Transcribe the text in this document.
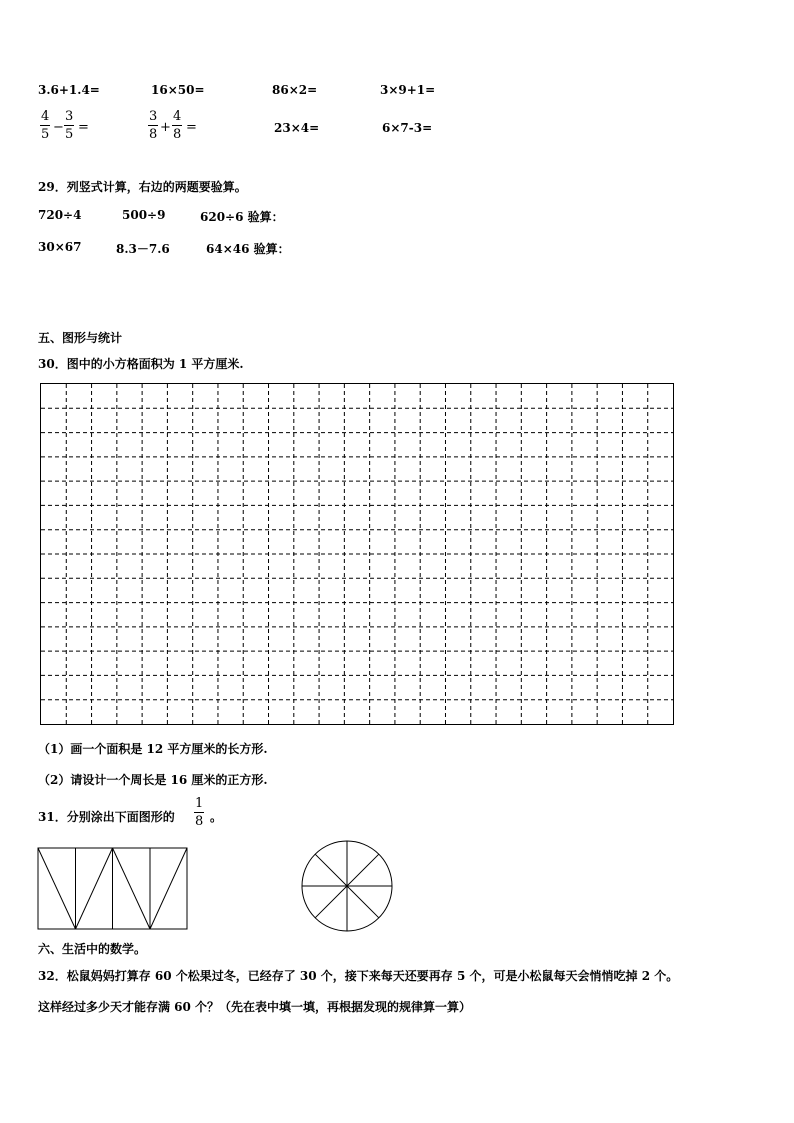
3.6+1.4=	16×50=	86×2=	3×9+1=
$\frac{4}{5} - \frac{3}{5}$ =	$\frac{3}{8} + \frac{4}{8}$ =	23×4=	6×7-3=
29．列竖式计算，右边的两题要验算。
720÷4	500÷9	620÷6 验算：
30×67	8.3－7.6	64×46 验算：
五、图形与统计
30．图中的小方格面积为 1 平方厘米.
（1）画一个面积是 12 平方厘米的长方形.
（2）请设计一个周长是 16 厘米的正方形.
31．分别涂出下面图形的 $\frac{1}{8}$ 。
六、生活中的数学。
32．松鼠妈妈打算存 60 个松果过冬，已经存了 30 个，接下来每天还要再存 5 个，可是小松鼠每天会悄悄吃掉 2 个。
这样经过多少天才能存满 60 个？（先在表中填一填，再根据发现的规律算一算）
